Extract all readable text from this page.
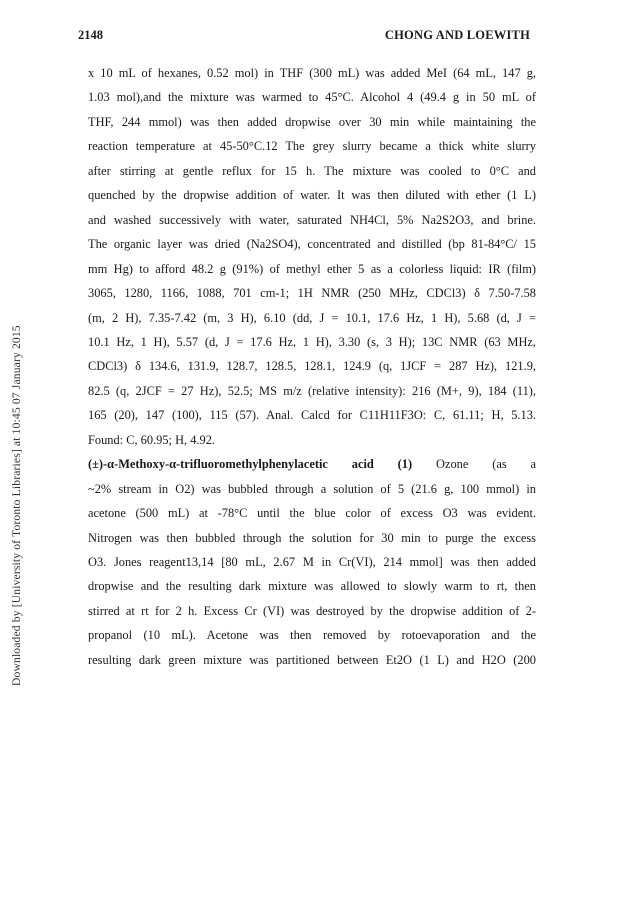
2148	CHONG AND LOEWITH
Downloaded by [University of Toronto Libraries] at 10:45 07 January 2015
x 10 mL of hexanes, 0.52 mol) in THF (300 mL) was added MeI (64 mL, 147 g,
1.03 mol),and the mixture was warmed to 45°C. Alcohol 4 (49.4 g in 50 mL of
THF, 244 mmol) was then added dropwise over 30 min while maintaining the
reaction temperature at 45-50°C.12 The grey slurry became a thick white slurry
after stirring at gentle reflux for 15 h. The mixture was cooled to 0°C and
quenched by the dropwise addition of water. It was then diluted with ether (1 L)
and washed successively with water, saturated NH4Cl, 5% Na2S2O3, and brine.
The organic layer was dried (Na2SO4), concentrated and distilled (bp 81-84°C/ 15
mm Hg) to afford 48.2 g (91%) of methyl ether 5 as a colorless liquid: IR (film)
3065, 1280, 1166, 1088, 701 cm-1; 1H NMR (250 MHz, CDCl3) δ 7.50-7.58
(m, 2 H), 7.35-7.42 (m, 3 H), 6.10 (dd, J = 10.1, 17.6 Hz, 1 H), 5.68 (d, J =
10.1 Hz, 1 H), 5.57 (d, J = 17.6 Hz, 1 H), 3.30 (s, 3 H); 13C NMR (63 MHz,
CDCl3) δ 134.6, 131.9, 128.7, 128.5, 128.1, 124.9 (q, 1JCF = 287 Hz), 121.9,
82.5 (q, 2JCF = 27 Hz), 52.5; MS m/z (relative intensity): 216 (M+, 9), 184 (11),
165 (20), 147 (100), 115 (57). Anal. Calcd for C11H11F3O: C, 61.11; H, 5.13.
Found: C, 60.95; H, 4.92.
(±)-α-Methoxy-α-trifluoromethylphenylacetic acid (1) Ozone (as a
~2% stream in O2) was bubbled through a solution of 5 (21.6 g, 100 mmol) in
acetone (500 mL) at -78°C until the blue color of excess O3 was evident.
Nitrogen was then bubbled through the solution for 30 min to purge the excess
O3. Jones reagent13,14 [80 mL, 2.67 M in Cr(VI), 214 mmol] was then added
dropwise and the resulting dark mixture was allowed to slowly warm to rt, then
stirred at rt for 2 h. Excess Cr (VI) was destroyed by the dropwise addition of 2-
propanol (10 mL). Acetone was then removed by rotoevaporation and the
resulting dark green mixture was partitioned between Et2O (1 L) and H2O (200
